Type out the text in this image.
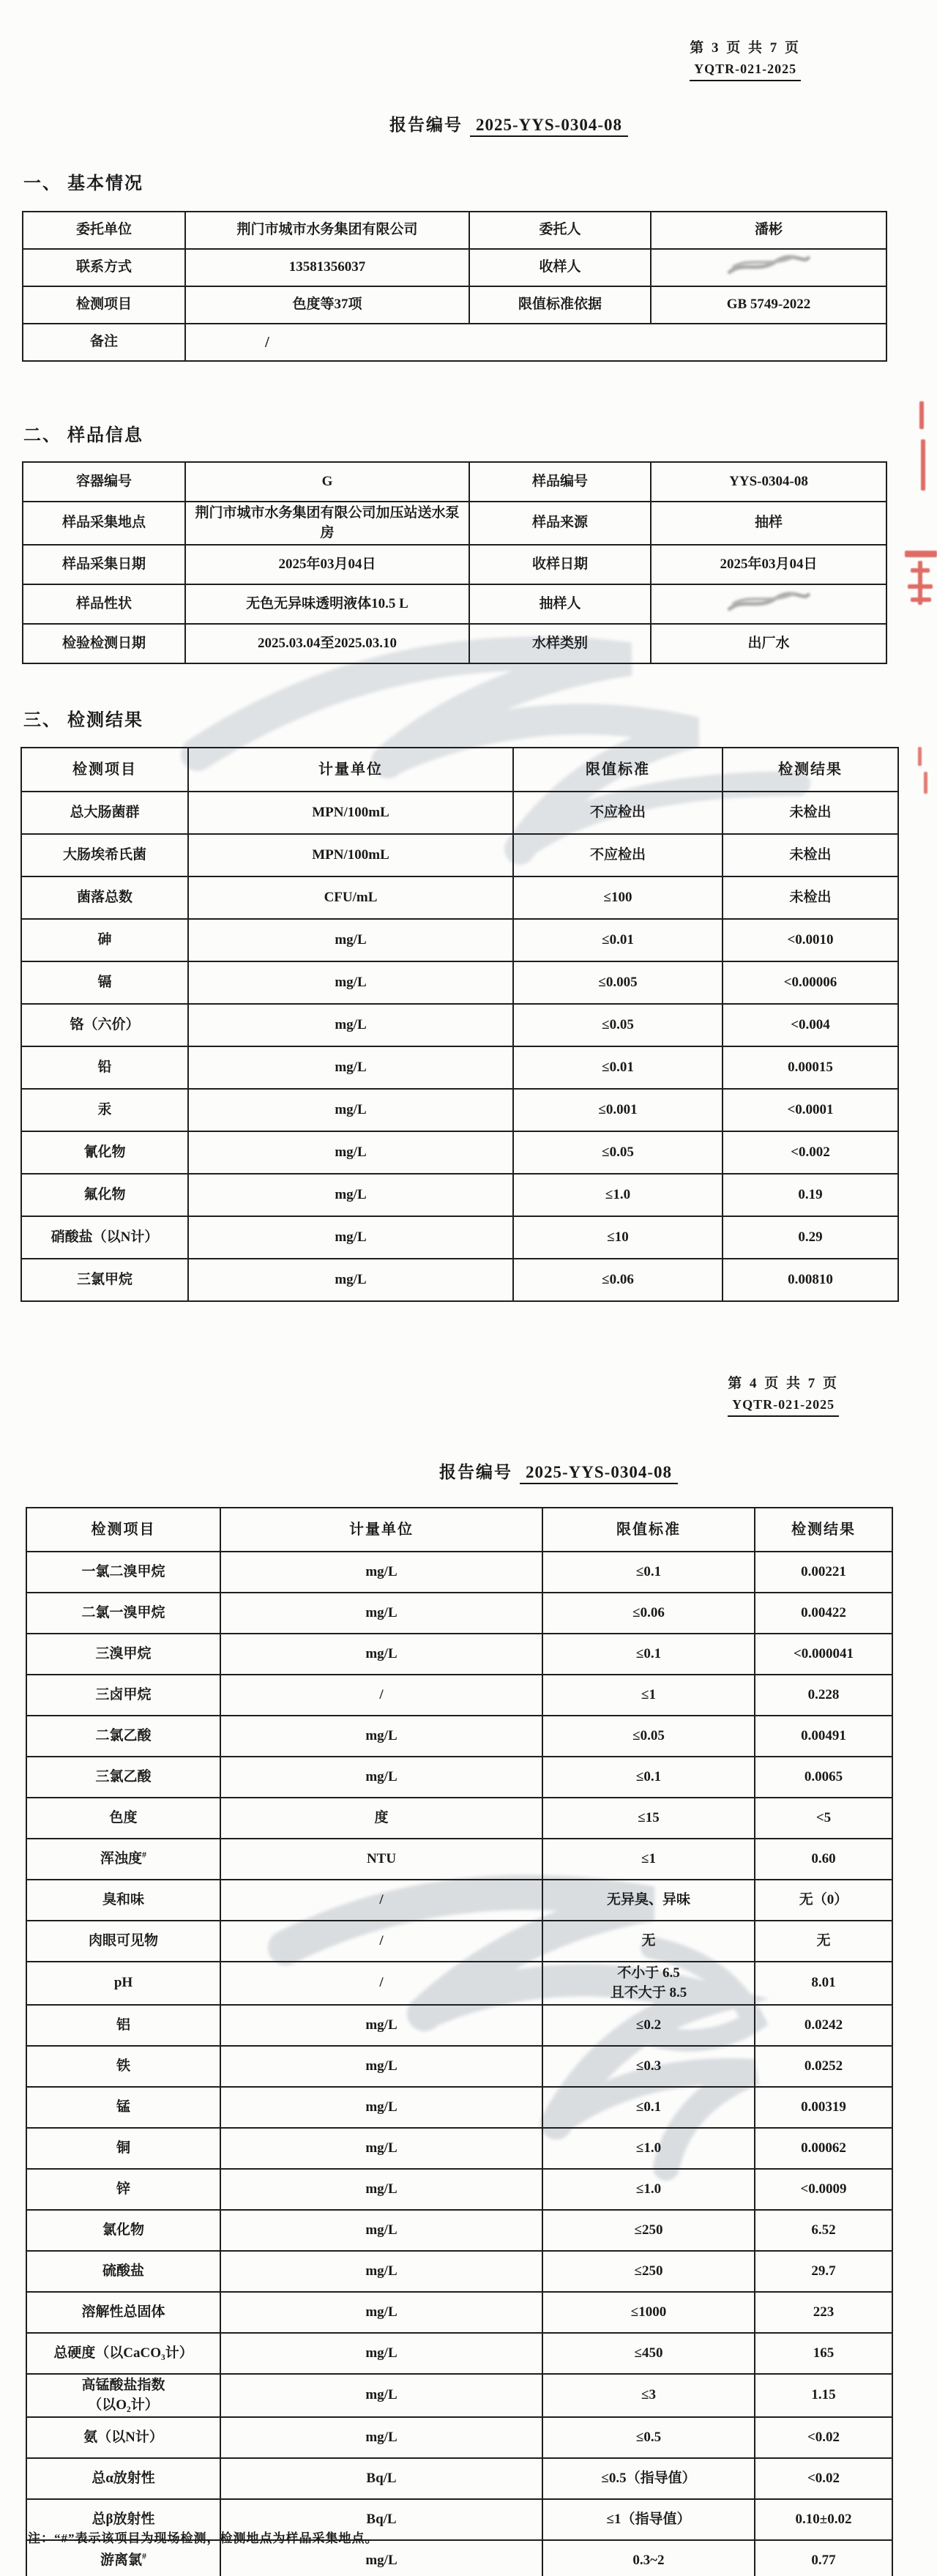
第 3 页 共 7 页
YQTR-021-2025
报告编号 2025-YYS-0304-08
一、 基本情况
委托单位	荆门市城市水务集团有限公司	委托人	潘彬
联系方式	13581356037	收样人	
检测项目	色度等37项	限值标准依据	GB 5749-2022
备注	/		
二、 样品信息
容器编号	G	样品编号	YYS-0304-08
样品采集地点	荆门市城市水务集团有限公司加压站送水泵房	样品来源	抽样
样品采集日期	2025年03月04日	收样日期	2025年03月04日
样品性状	无色无异味透明液体10.5 L	抽样人	
检验检测日期	2025.03.04至2025.03.10	水样类别	出厂水
三、 检测结果
检测项目	计量单位	限值标准	检测结果
总大肠菌群	MPN/100mL	不应检出	未检出
大肠埃希氏菌	MPN/100mL	不应检出	未检出
菌落总数	CFU/mL	≤100	未检出
砷	mg/L	≤0.01	<0.0010
镉	mg/L	≤0.005	<0.00006
铬（六价）	mg/L	≤0.05	<0.004
铅	mg/L	≤0.01	0.00015
汞	mg/L	≤0.001	<0.0001
氰化物	mg/L	≤0.05	<0.002
氟化物	mg/L	≤1.0	0.19
硝酸盐（以N计）	mg/L	≤10	0.29
三氯甲烷	mg/L	≤0.06	0.00810
第 4 页 共 7 页
YQTR-021-2025
报告编号 2025-YYS-0304-08
检测项目	计量单位	限值标准	检测结果
一氯二溴甲烷	mg/L	≤0.1	0.00221
二氯一溴甲烷	mg/L	≤0.06	0.00422
三溴甲烷	mg/L	≤0.1	<0.000041
三卤甲烷	/	≤1	0.228
二氯乙酸	mg/L	≤0.05	0.00491
三氯乙酸	mg/L	≤0.1	0.0065
色度	度	≤15	<5
浑浊度#	NTU	≤1	0.60
臭和味	/	无异臭、异味	无（0）
肉眼可见物	/	无	无
pH	/	不小于 6.5
且不大于 8.5	8.01
铝	mg/L	≤0.2	0.0242
铁	mg/L	≤0.3	0.0252
锰	mg/L	≤0.1	0.00319
铜	mg/L	≤1.0	0.00062
锌	mg/L	≤1.0	<0.0009
氯化物	mg/L	≤250	6.52
硫酸盐	mg/L	≤250	29.7
溶解性总固体	mg/L	≤1000	223
总硬度（以CaCO₃计）	mg/L	≤450	165
高锰酸盐指数
（以O₂计）	mg/L	≤3	1.15
氨（以N计）	mg/L	≤0.5	<0.02
总α放射性	Bq/L	≤0.5（指导值）	<0.02
总β放射性	Bq/L	≤1（指导值）	0.10±0.02
游离氯#	mg/L	0.3~2	0.77
注：“#”表示该项目为现场检测，检测地点为样品采集地点。
